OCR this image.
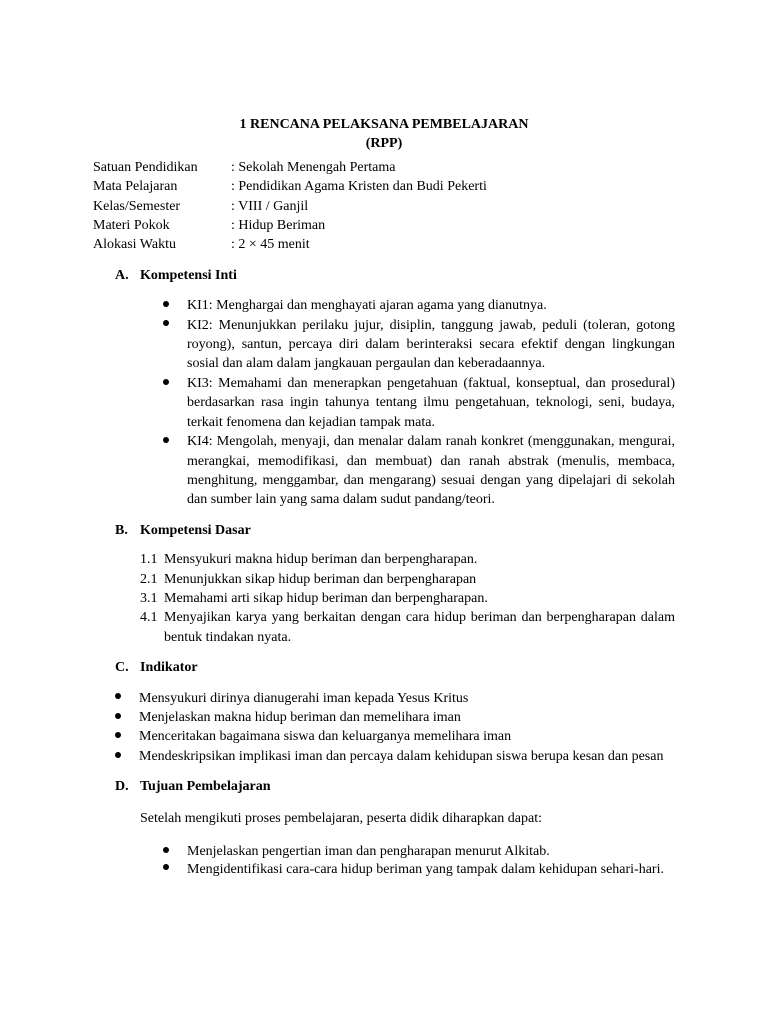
1 RENCANA PELAKSANA PEMBELAJARAN
(RPP)
Satuan Pendidikan	: Sekolah Menengah Pertama
Mata Pelajaran	: Pendidikan Agama Kristen dan Budi Pekerti
Kelas/Semester	: VIII / Ganjil
Materi Pokok	: Hidup Beriman
Alokasi Waktu	: 2 × 45 menit
A. Kompetensi Inti
KI1: Menghargai dan menghayati ajaran agama yang dianutnya.
KI2: Menunjukkan perilaku jujur, disiplin, tanggung jawab, peduli (toleran, gotong royong), santun, percaya diri dalam berinteraksi secara efektif dengan lingkungan sosial dan alam dalam jangkauan pergaulan dan keberadaannya.
KI3: Memahami dan menerapkan pengetahuan (faktual, konseptual, dan prosedural) berdasarkan rasa ingin tahunya tentang ilmu pengetahuan, teknologi, seni, budaya, terkait fenomena dan kejadian tampak mata.
KI4: Mengolah, menyaji, dan menalar dalam ranah konkret (menggunakan, mengurai, merangkai, memodifikasi, dan membuat) dan ranah abstrak (menulis, membaca, menghitung, menggambar, dan mengarang) sesuai dengan yang dipelajari di sekolah dan sumber lain yang sama dalam sudut pandang/teori.
B. Kompetensi Dasar
1.1 Mensyukuri makna hidup beriman dan berpengharapan.
2.1 Menunjukkan sikap hidup beriman dan berpengharapan
3.1 Memahami arti sikap hidup beriman dan berpengharapan.
4.1 Menyajikan karya yang berkaitan dengan cara hidup beriman dan berpengharapan dalam bentuk tindakan nyata.
C. Indikator
Mensyukuri dirinya dianugerahi iman kepada Yesus Kritus
Menjelaskan makna hidup beriman dan memelihara iman
Menceritakan bagaimana siswa dan keluarganya memelihara iman
Mendeskripsikan implikasi iman dan percaya dalam kehidupan siswa berupa kesan dan pesan
D. Tujuan Pembelajaran
Setelah mengikuti proses pembelajaran, peserta didik diharapkan dapat:
Menjelaskan pengertian iman dan pengharapan menurut Alkitab.
Mengidentifikasi cara-cara hidup beriman yang tampak dalam kehidupan sehari-hari.
